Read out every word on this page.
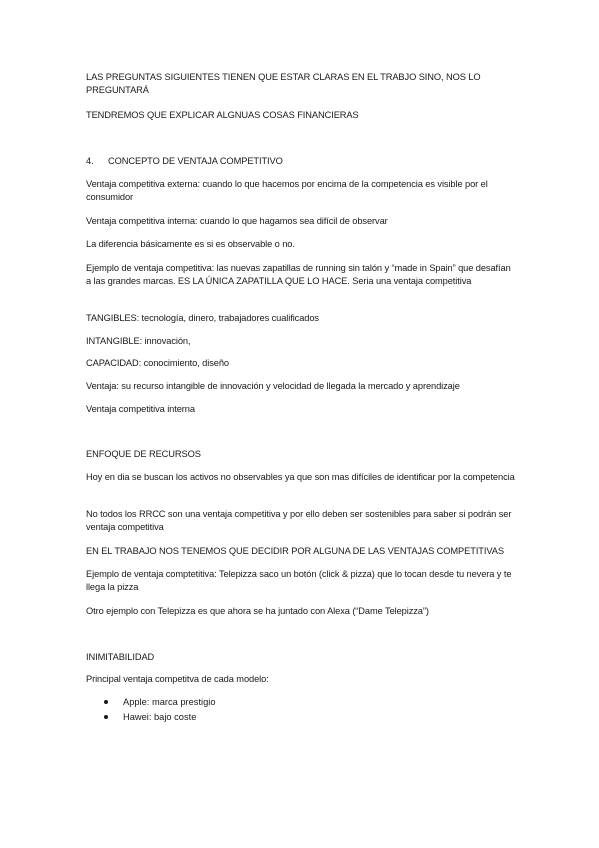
LAS PREGUNTAS SIGUIENTES TIENEN QUE ESTAR CLARAS EN EL TRABJO SINO, NOS LO PREGUNTARÁ

TENDREMOS QUE EXPLICAR ALGNUAS COSAS FINANCIERAS

4. CONCEPTO DE VENTAJA COMPETITIVO

Ventaja competitiva externa: cuando lo que hacemos por encima de la competencia es visible por el consumidor

Ventaja competitiva interna: cuando lo que hagamos sea difícil de observar

La diferencia básicamente es si es observable o no.

Ejemplo de ventaja competitiva: las nuevas zapatillas de running sin talón y “made in Spain” que desafían a las grandes marcas. ES LA ÚNICA ZAPATILLA QUE LO HACE. Seria una ventaja competitiva

TANGIBLES: tecnología, dinero, trabajadores cualificados

INTANGIBLE: innovación,

CAPACIDAD: conocimiento, diseño

Ventaja: su recurso intangible de innovación y velocidad de llegada la mercado y aprendizaje

Ventaja competitiva interna

ENFOQUE DE RECURSOS

Hoy en dia se buscan los activos no observables ya que son mas difíciles de identificar por la competencia

No todos los RRCC son una ventaja competitiva y por ello deben ser sostenibles para saber si podrán ser ventaja competitiva

EN EL TRABAJO NOS TENEMOS QUE DECIDIR POR ALGUNA DE LAS VENTAJAS COMPETITIVAS

Ejemplo de ventaja comptetitiva: Telepizza saco un botón (click & pizza) que lo tocan desde tu nevera y te llega la pizza

Otro ejemplo con Telepizza es que ahora se ha juntado con Alexa (“Dame Telepizza”)

INIMITABILIDAD

Principal ventaja competitva de cada modelo:

Apple: marca prestigio
Hawei: bajo coste
